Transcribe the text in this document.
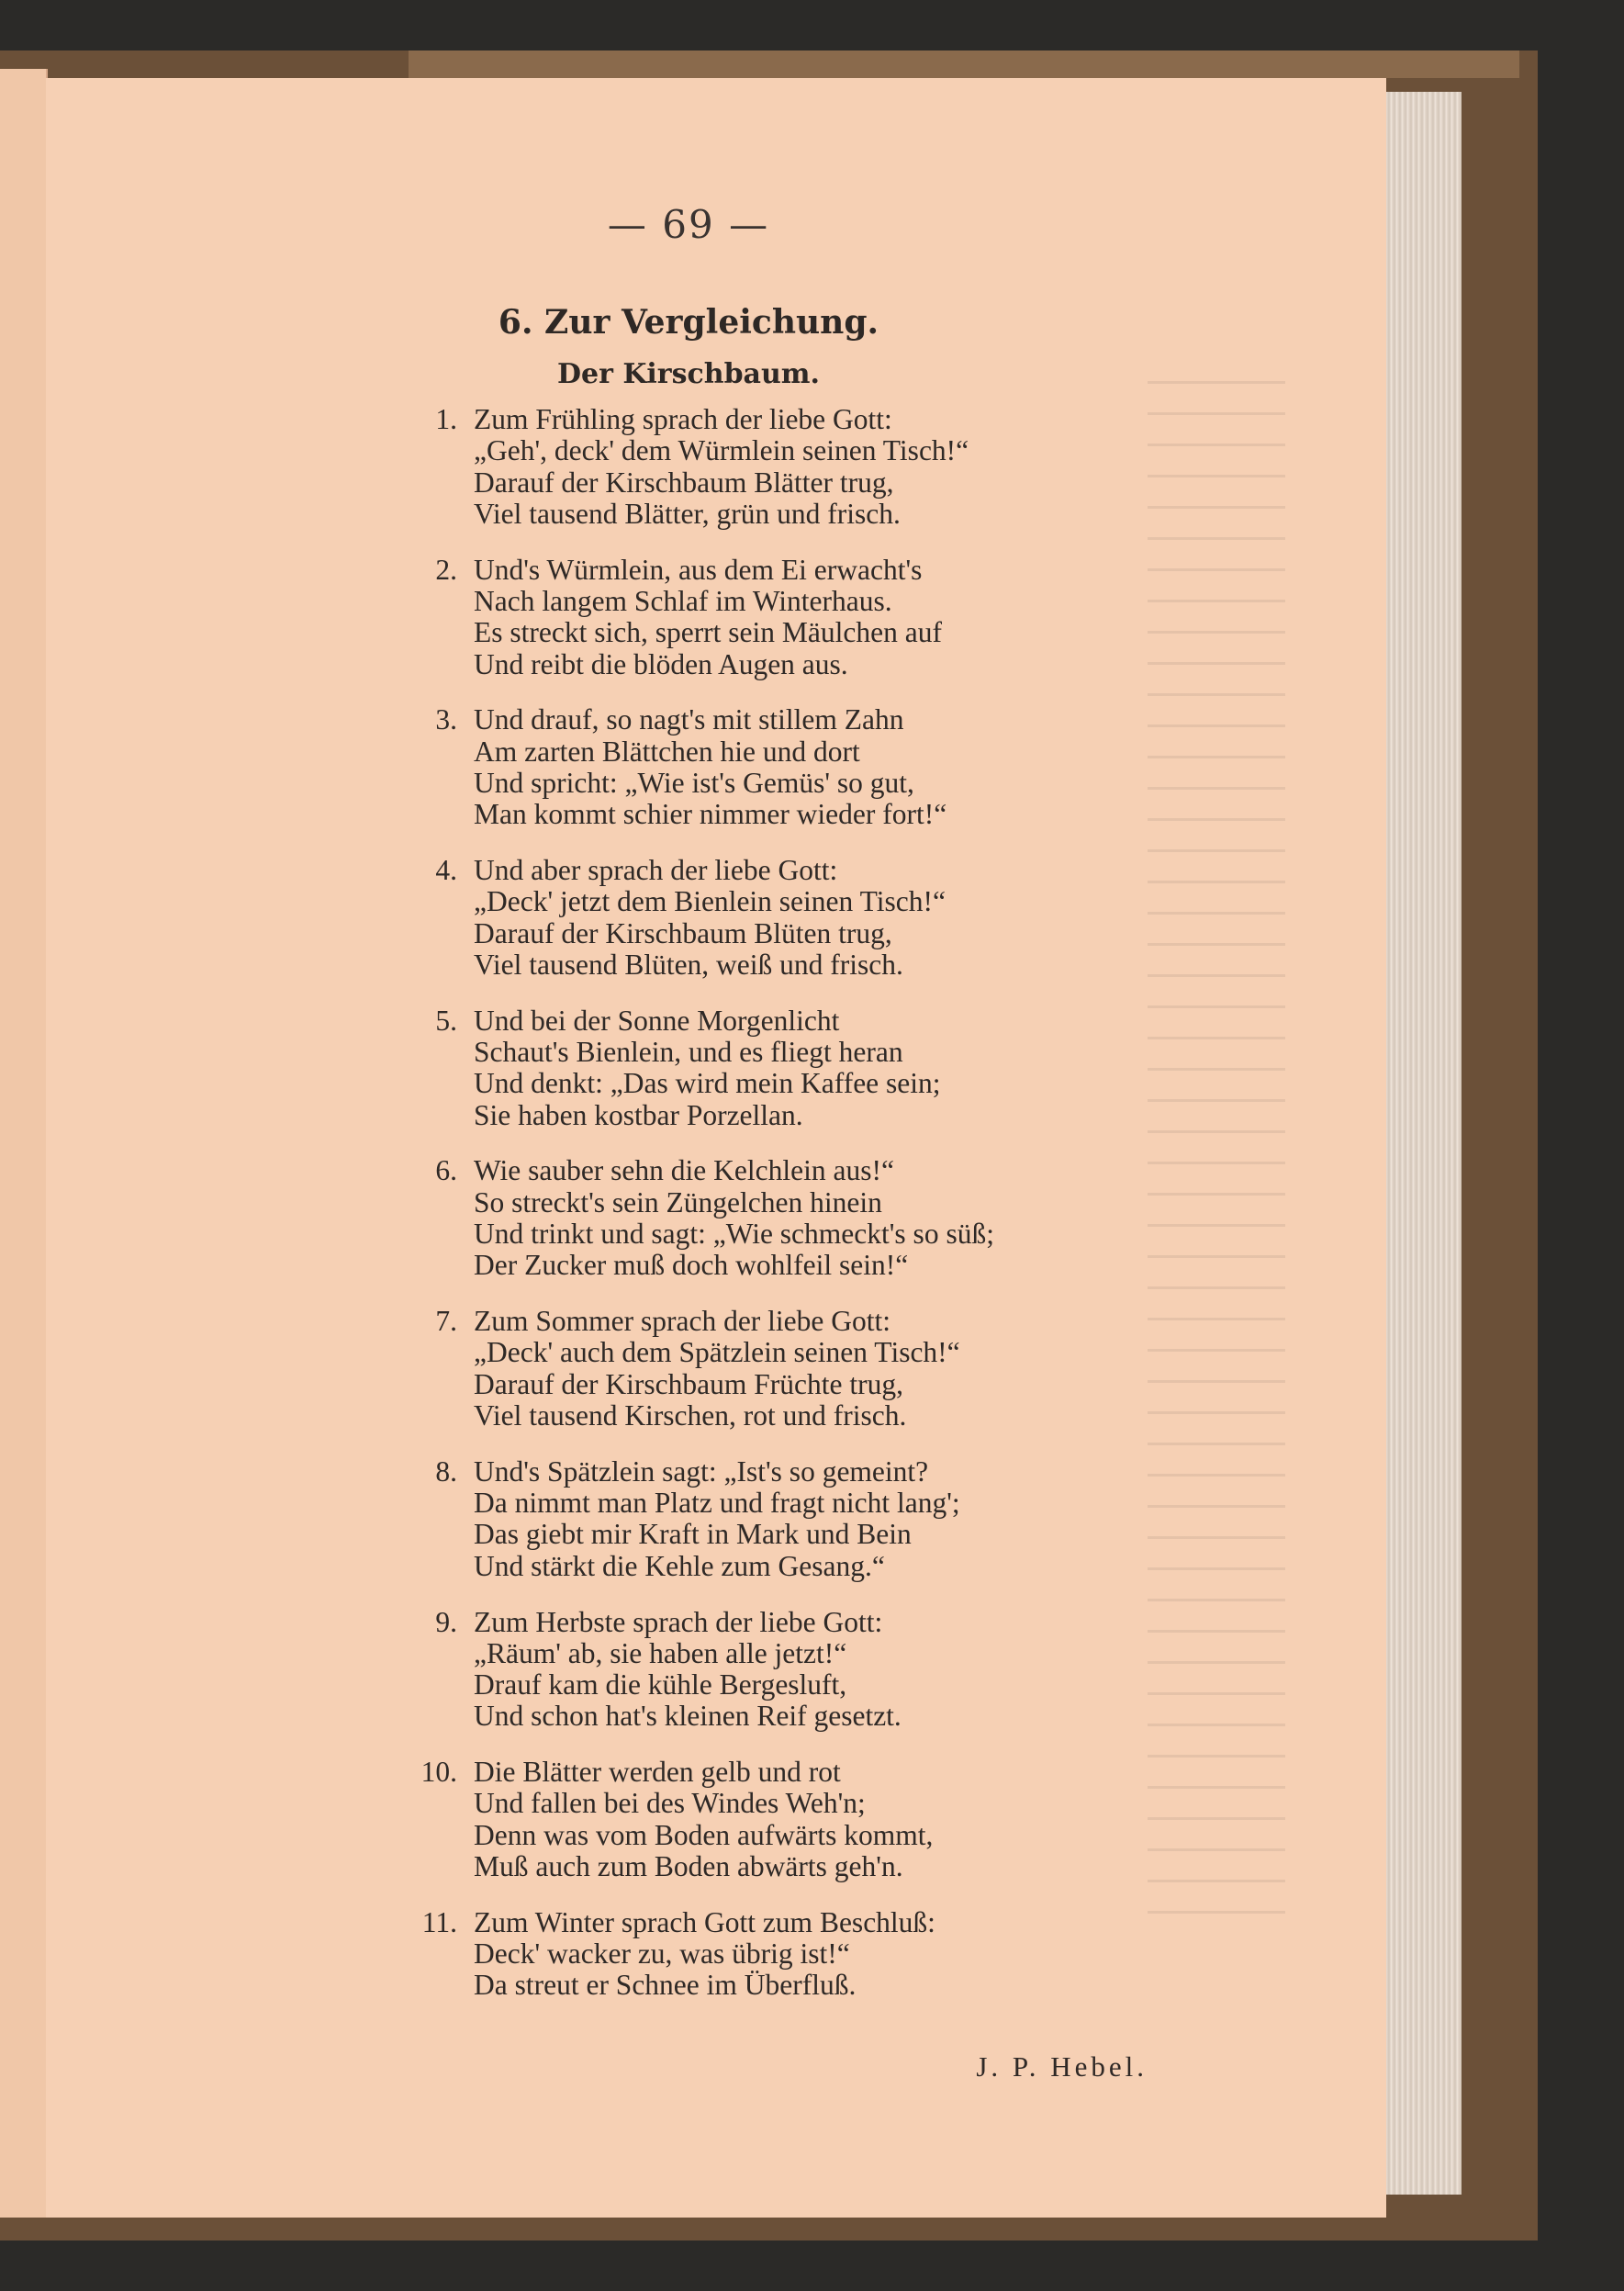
— 69 —
6. Zur Vergleichung.
Der Kirschbaum.
1. Zum Frühling sprach der liebe Gott:
„Geh', deck' dem Würmlein seinen Tisch!“
Darauf der Kirschbaum Blätter trug,
Viel tausend Blätter, grün und frisch.
2. Und's Würmlein, aus dem Ei erwacht's
Nach langem Schlaf im Winterhaus.
Es streckt sich, sperrt sein Mäulchen auf
Und reibt die blöden Augen aus.
3. Und drauf, so nagt's mit stillem Zahn
Am zarten Blättchen hie und dort
Und spricht: „Wie ist's Gemüs' so gut,
Man kommt schier nimmer wieder fort!“
4. Und aber sprach der liebe Gott:
„Deck' jetzt dem Bienlein seinen Tisch!“
Darauf der Kirschbaum Blüten trug,
Viel tausend Blüten, weiß und frisch.
5. Und bei der Sonne Morgenlicht
Schaut's Bienlein, und es fliegt heran
Und denkt: „Das wird mein Kaffee sein;
Sie haben kostbar Porzellan.
6. Wie sauber sehn die Kelchlein aus!“
So streckt's sein Züngelchen hinein
Und trinkt und sagt: „Wie schmeckt's so süß;
Der Zucker muß doch wohlfeil sein!“
7. Zum Sommer sprach der liebe Gott:
„Deck' auch dem Spätzlein seinen Tisch!“
Darauf der Kirschbaum Früchte trug,
Viel tausend Kirschen, rot und frisch.
8. Und's Spätzlein sagt: „Ist's so gemeint?
Da nimmt man Platz und fragt nicht lang';
Das giebt mir Kraft in Mark und Bein
Und stärkt die Kehle zum Gesang.“
9. Zum Herbste sprach der liebe Gott:
„Räum' ab, sie haben alle jetzt!“
Drauf kam die kühle Bergesluft,
Und schon hat's kleinen Reif gesetzt.
10. Die Blätter werden gelb und rot
Und fallen bei des Windes Weh'n;
Denn was vom Boden aufwärts kommt,
Muß auch zum Boden abwärts geh'n.
11. Zum Winter sprach Gott zum Beschluß:
Deck' wacker zu, was übrig ist!“
Da streut er Schnee im Überfluß.
J. P. Hebel.
